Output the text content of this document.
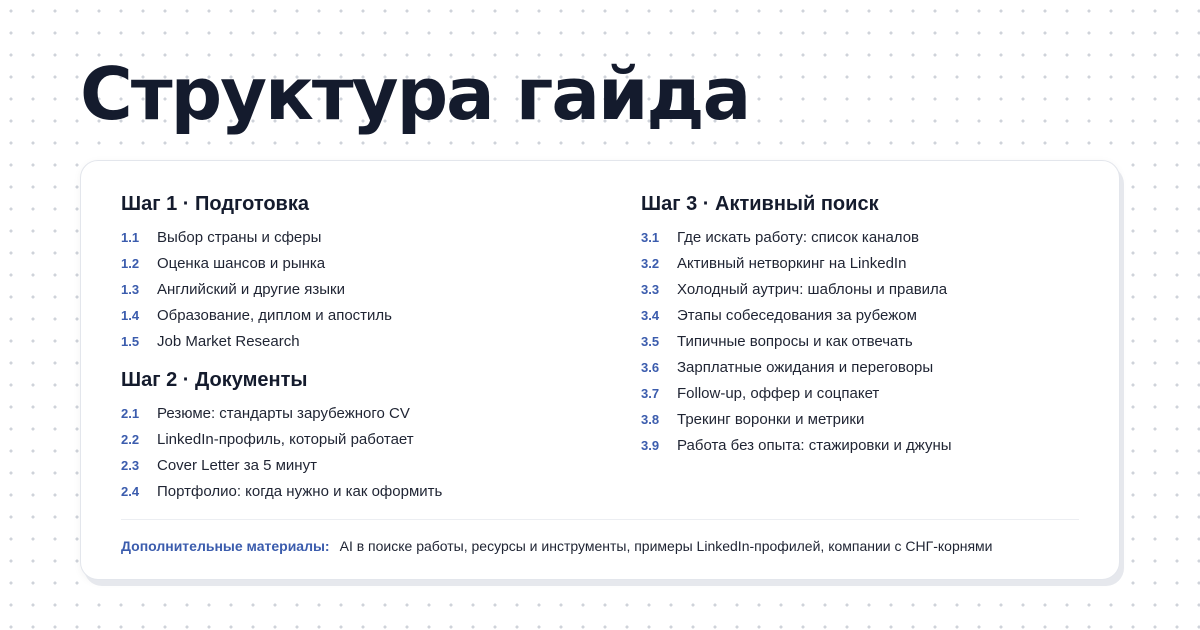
Структура гайда
Шаг 1 · Подготовка
1.1	Выбор страны и сферы
1.2	Оценка шансов и рынка
1.3	Английский и другие языки
1.4	Образование, диплом и апостиль
1.5	Job Market Research
Шаг 2 · Документы
2.1	Резюме: стандарты зарубежного CV
2.2	LinkedIn-профиль, который работает
2.3	Cover Letter за 5 минут
2.4	Портфолио: когда нужно и как оформить
Шаг 3 · Активный поиск
3.1	Где искать работу: список каналов
3.2	Активный нетворкинг на LinkedIn
3.3	Холодный аутрич: шаблоны и правила
3.4	Этапы собеседования за рубежом
3.5	Типичные вопросы и как отвечать
3.6	Зарплатные ожидания и переговоры
3.7	Follow-up, оффер и соцпакет
3.8	Трекинг воронки и метрики
3.9	Работа без опыта: стажировки и джуны
Дополнительные материалы: AI в поиске работы, ресурсы и инструменты, примеры LinkedIn-профилей, компании с СНГ-корнями
